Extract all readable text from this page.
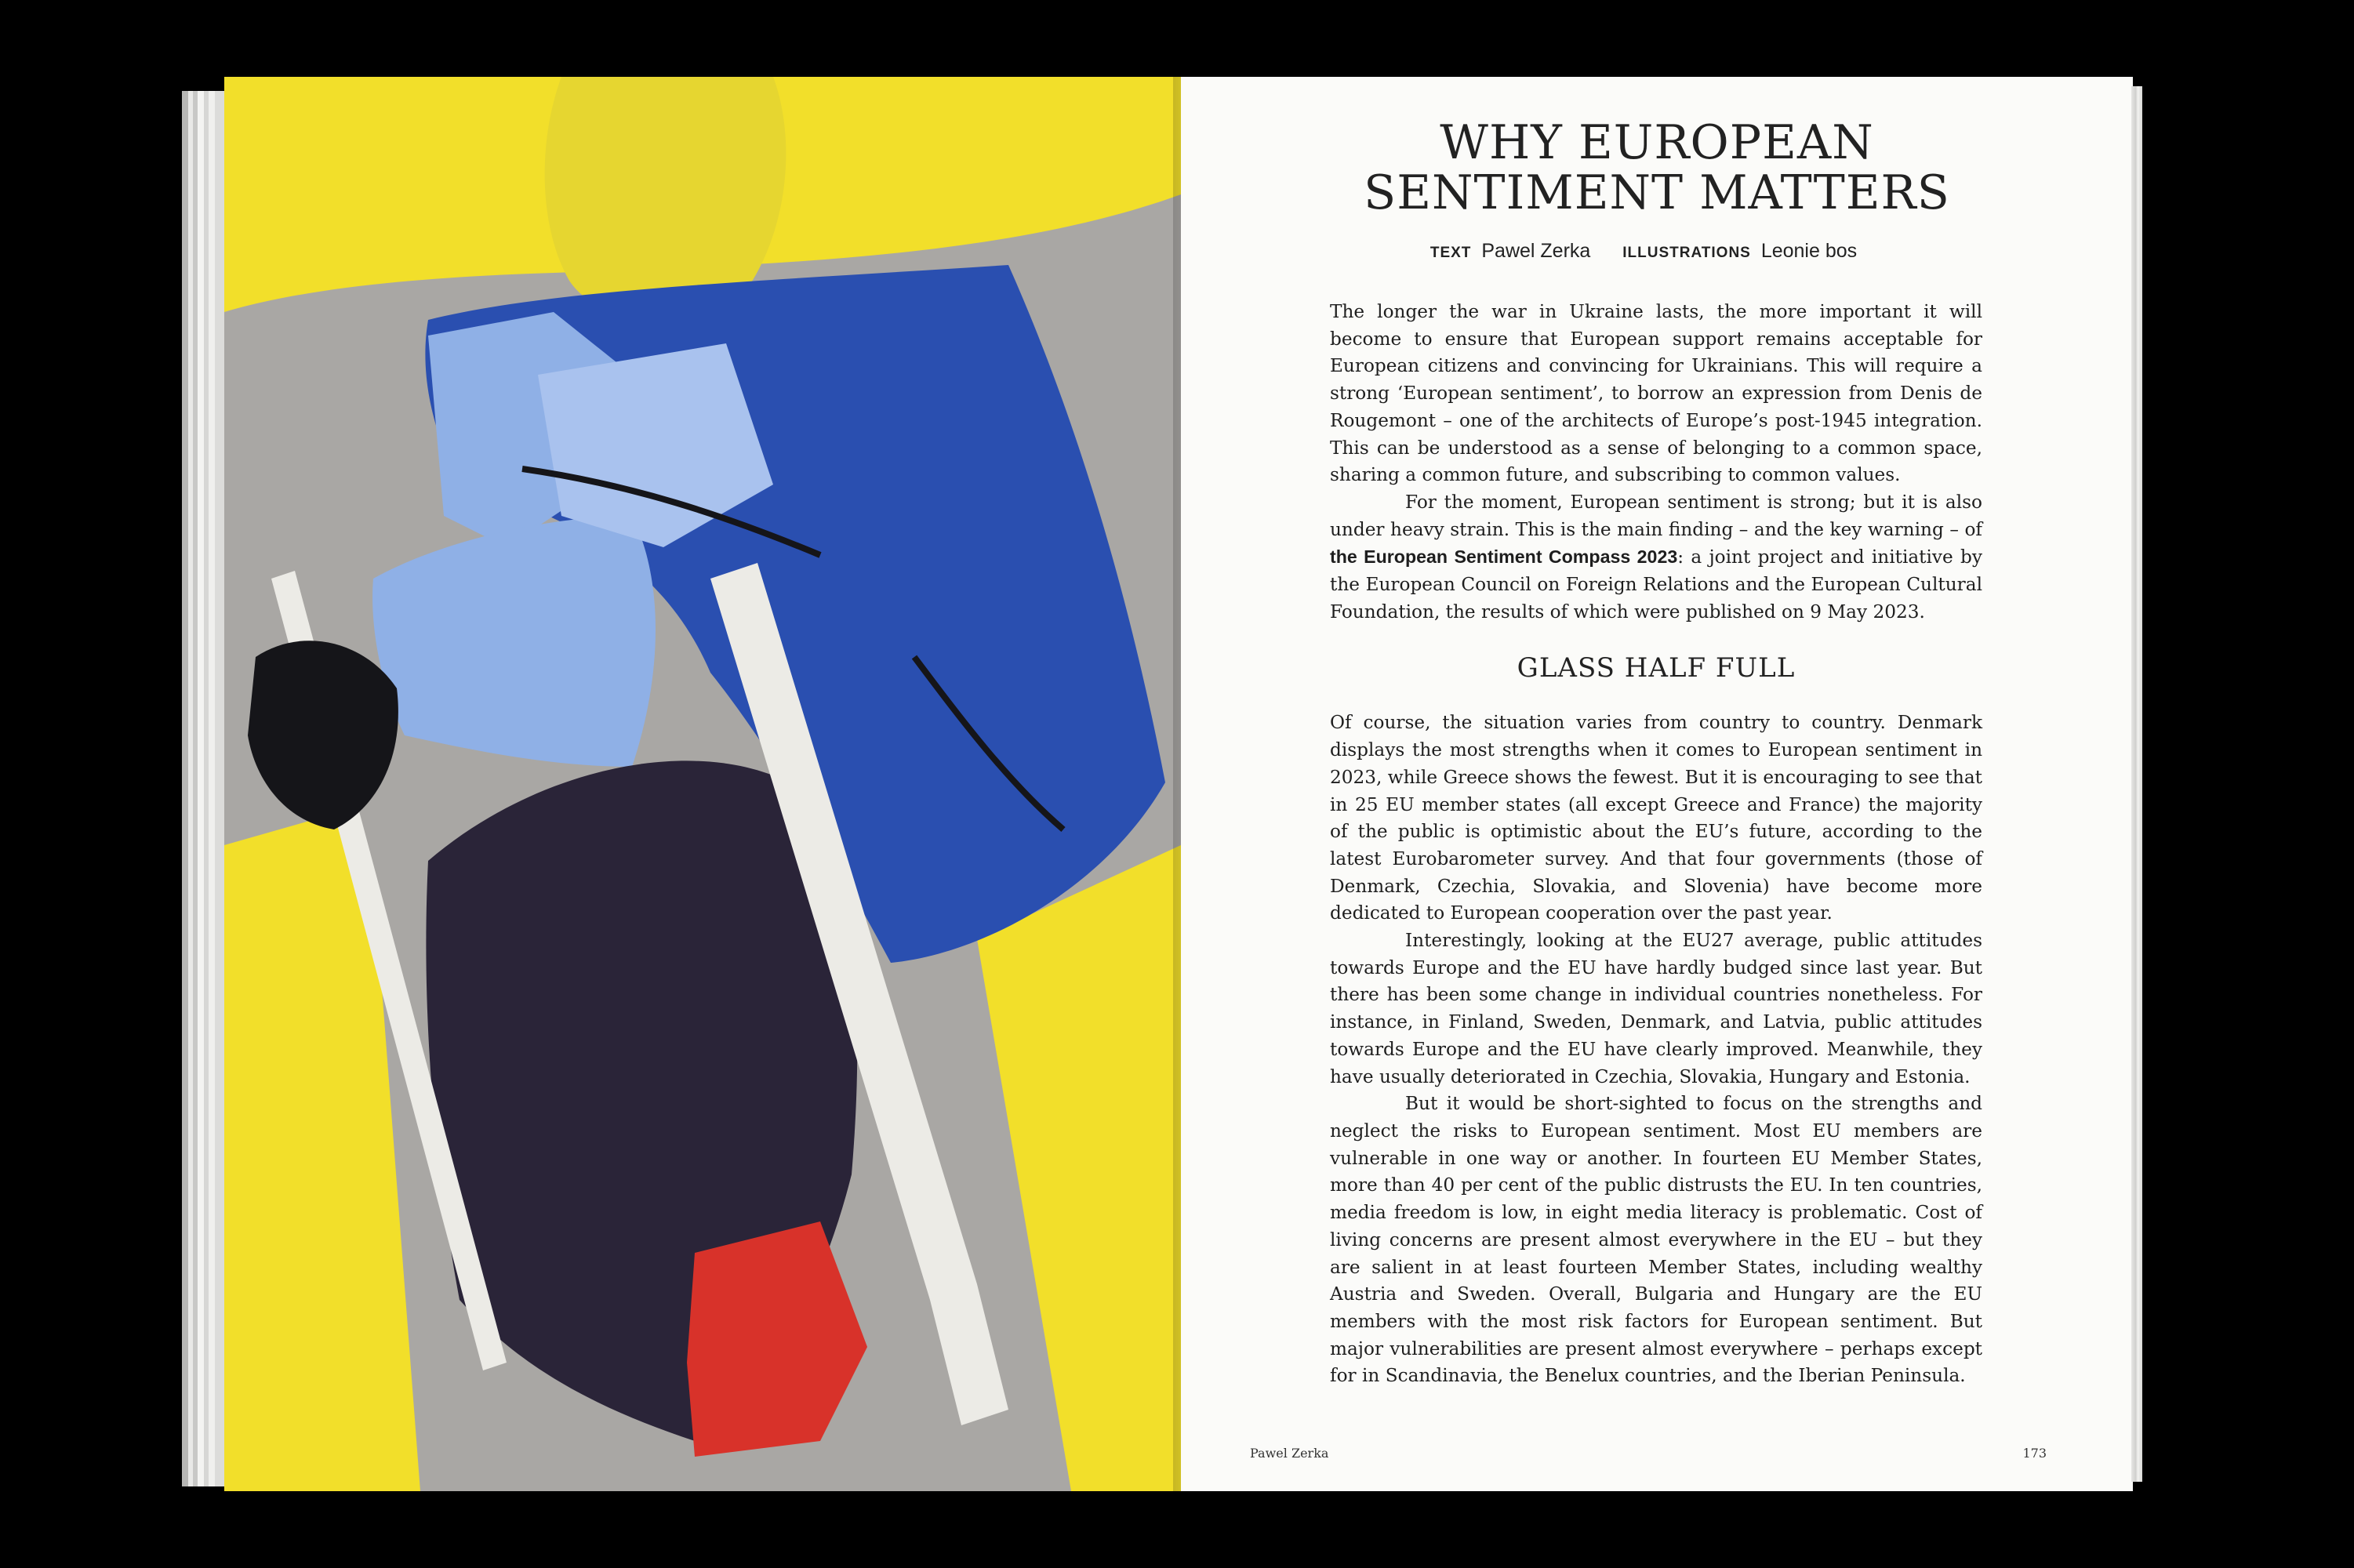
WHY EUROPEAN
SENTIMENT MATTERS
TEXT Pawel Zerka ILLUSTRATIONS Leonie bos

The longer the war in Ukraine lasts, the more important it will become to ensure that European support remains acceptable for European citizens and convincing for Ukrainians. This will require a strong ‘European sentiment’, to borrow an expression from Denis de Rougemont – one of the architects of Europe’s post-1945 integration. This can be understood as a sense of belonging to a common space, sharing a common future, and subscribing to common values.

For the moment, European sentiment is strong; but it is also under heavy strain. This is the main finding – and the key warning – of the European Sentiment Compass 2023: a joint project and initiative by the European Council on Foreign Relations and the European Cultural Foundation, the results of which were published on 9 May 2023.

GLASS HALF FULL

Of course, the situation varies from country to country. Denmark displays the most strengths when it comes to European sentiment in 2023, while Greece shows the fewest. But it is encouraging to see that in 25 EU member states (all except Greece and France) the majority of the public is optimistic about the EU’s future, according to the latest Eurobarometer survey. And that four governments (those of Denmark, Czechia, Slovakia, and Slovenia) have become more dedicated to European cooperation over the past year.

Interestingly, looking at the EU27 average, public attitudes towards Europe and the EU have hardly budged since last year. But there has been some change in individual countries nonetheless. For instance, in Finland, Sweden, Denmark, and Latvia, public attitudes towards Europe and the EU have clearly improved. Meanwhile, they have usually deteriorated in Czechia, Slovakia, Hungary and Estonia.

But it would be short-sighted to focus on the strengths and neglect the risks to European sentiment. Most EU members are vulnerable in one way or another. In fourteen EU Member States, more than 40 per cent of the public distrusts the EU. In ten countries, media freedom is low, in eight media literacy is problematic. Cost of living concerns are present almost everywhere in the EU – but they are salient in at least fourteen Member States, including wealthy Austria and Sweden. Overall, Bulgaria and Hungary are the EU members with the most risk factors for European sentiment. But major vulnerabilities are present almost everywhere – perhaps except for in Scandinavia, the Benelux countries, and the Iberian Peninsula.

Pawel Zerka	173
